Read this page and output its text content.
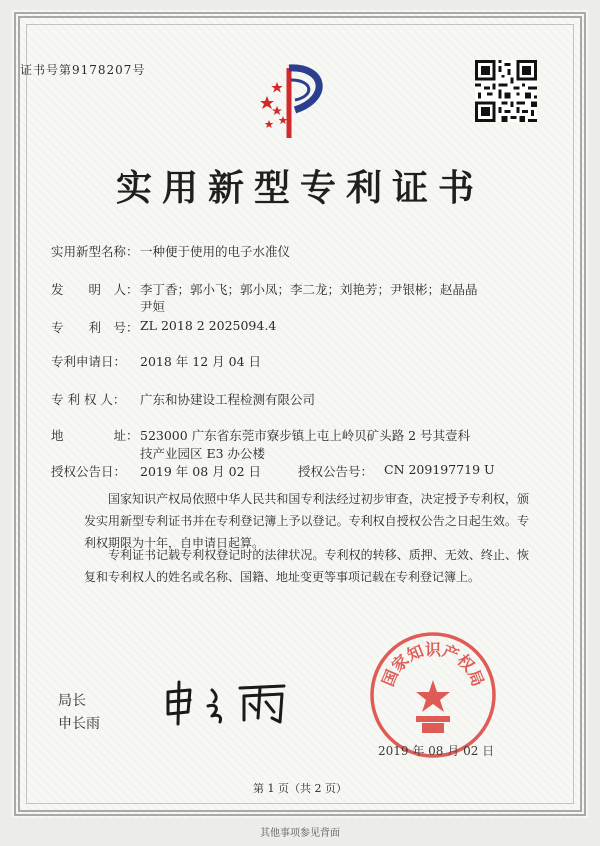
证书号第9178207号
实用新型专利证书
实用新型名称： 一种便于使用的电子水准仪
发　　明　人： 李丁香；郭小飞；郭小凤；李二龙；刘艳芳；尹银彬；赵晶晶
尹姮
专　　利　号： ZL 2018 2 2025094.4
专利申请日： 2018 年 12 月 04 日
专 利 权 人： 广东和协建设工程检测有限公司
地　　　　址： 523000 广东省东莞市寮步镇上屯上岭贝矿头路 2 号其壹科
技产业园区 E3 办公楼
授权公告日： 2019 年 08 月 02 日	授权公告号： CN 209197719 U
国家知识产权局依照中华人民共和国专利法经过初步审查，决定授予专利权，颁发实用新型专利证书并在专利登记簿上予以登记。专利权自授权公告之日起生效。专利权期限为十年，自申请日起算。
专利证书记载专利权登记时的法律状况。专利权的转移、质押、无效、终止、恢复和专利权人的姓名或名称、国籍、地址变更等事项记载在专利登记簿上。
局长
申长雨
国家知识产权局
2019 年 08 月 02 日
第 1 页（共 2 页）
其他事项参见背面
